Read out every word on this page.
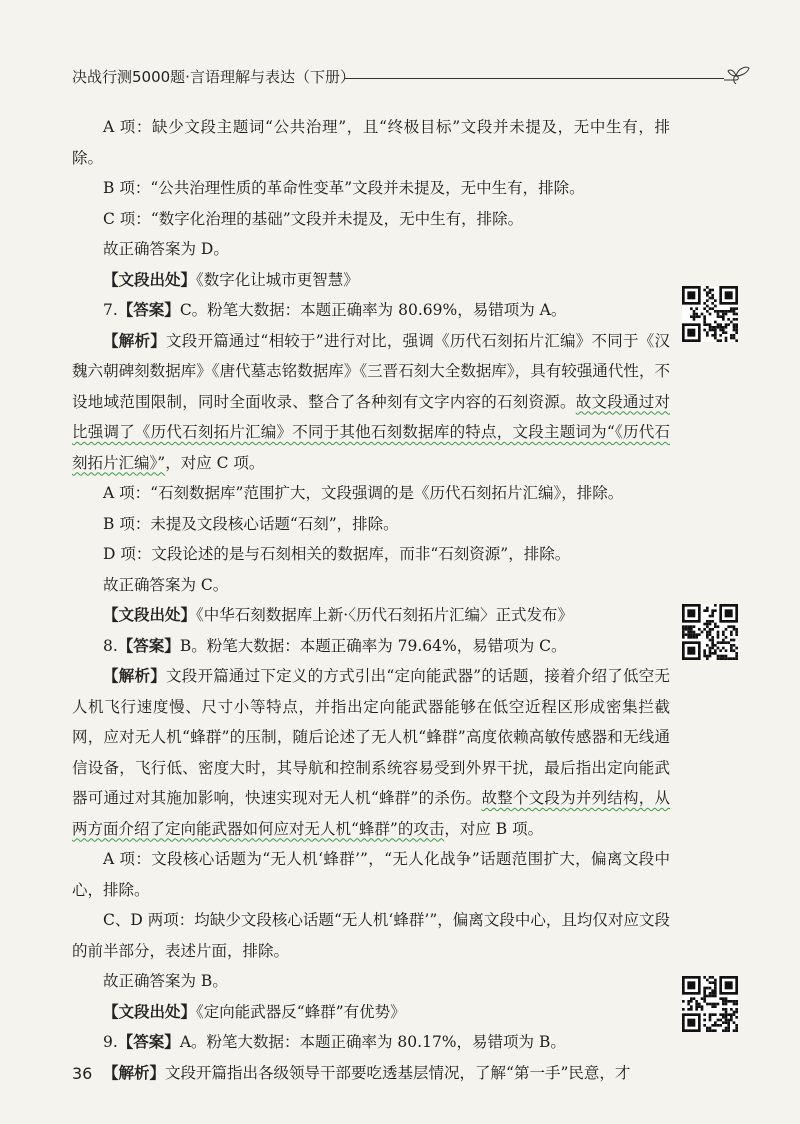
决战行测5000题·言语理解与表达（下册）

A 项：缺少文段主题词“公共治理”，且“终极目标”文段并未提及，无中生有，排除。

B 项：“公共治理性质的革命性变革”文段并未提及，无中生有，排除。

C 项：“数字化治理的基础”文段并未提及，无中生有，排除。

故正确答案为 D。

【文段出处】《数字化让城市更智慧》

7.【答案】C。粉笔大数据：本题正确率为 80.69%，易错项为 A。

【解析】文段开篇通过“相较于”进行对比，强调《历代石刻拓片汇编》不同于《汉魏六朝碑刻数据库》《唐代墓志铭数据库》《三晋石刻大全数据库》，具有较强通代性，不设地域范围限制，同时全面收录、整合了各种刻有文字内容的石刻资源。故文段通过对比强调了《历代石刻拓片汇编》不同于其他石刻数据库的特点，文段主题词为“《历代石刻拓片汇编》”，对应 C 项。

A 项：“石刻数据库”范围扩大，文段强调的是《历代石刻拓片汇编》，排除。

B 项：未提及文段核心话题“石刻”，排除。

D 项：文段论述的是与石刻相关的数据库，而非“石刻资源”，排除。

故正确答案为 C。

【文段出处】《中华石刻数据库上新·〈历代石刻拓片汇编〉正式发布》

8.【答案】B。粉笔大数据：本题正确率为 79.64%，易错项为 C。

【解析】文段开篇通过下定义的方式引出“定向能武器”的话题，接着介绍了低空无人机飞行速度慢、尺寸小等特点，并指出定向能武器能够在低空近程区形成密集拦截网，应对无人机“蜂群”的压制，随后论述了无人机“蜂群”高度依赖高敏传感器和无线通信设备，飞行低、密度大时，其导航和控制系统容易受到外界干扰，最后指出定向能武器可通过对其施加影响，快速实现对无人机“蜂群”的杀伤。故整个文段为并列结构，从两方面介绍了定向能武器如何应对无人机“蜂群”的攻击，对应 B 项。

A 项：文段核心话题为“无人机‘蜂群’”，“无人化战争”话题范围扩大，偏离文段中心，排除。

C、D 两项：均缺少文段核心话题“无人机‘蜂群’”，偏离文段中心，且均仅对应文段的前半部分，表述片面，排除。

故正确答案为 B。

【文段出处】《定向能武器反“蜂群”有优势》

9.【答案】A。粉笔大数据：本题正确率为 80.17%，易错项为 B。

【解析】文段开篇指出各级领导干部要吃透基层情况，了解“第一手”民意，才

36
